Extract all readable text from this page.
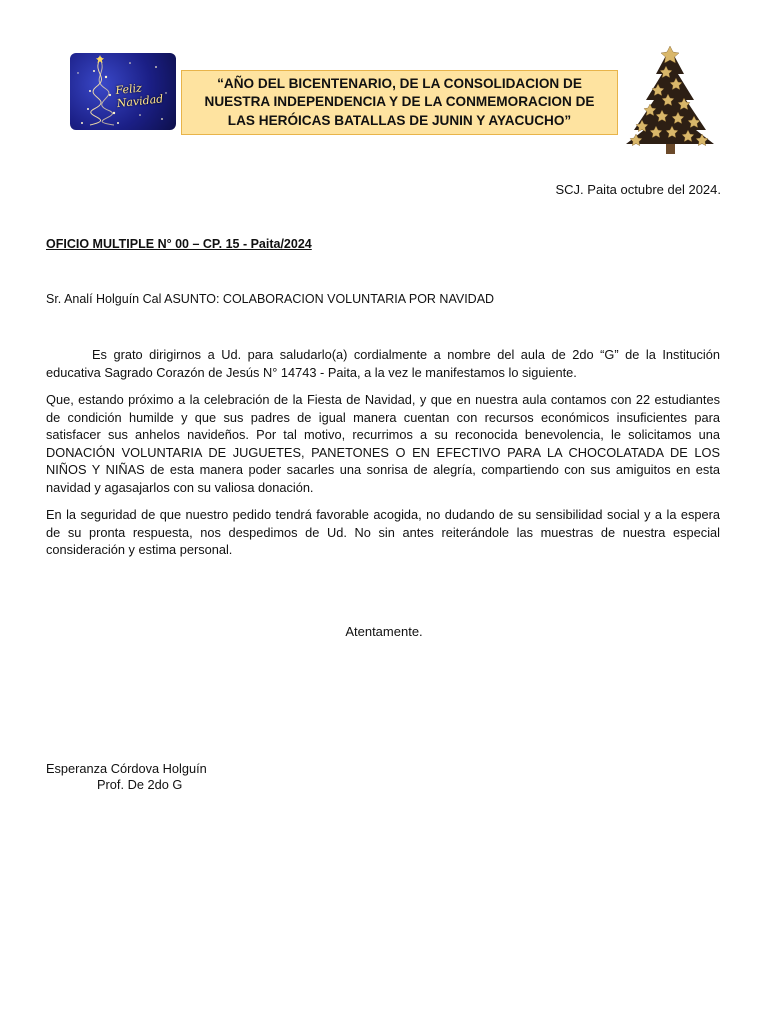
Feliz Navidad
“AÑO DEL BICENTENARIO, DE LA CONSOLIDACION DE NUESTRA INDEPENDENCIA Y DE LA CONMEMORACION DE LAS HERÓICAS BATALLAS DE JUNIN Y AYACUCHO”
SCJ. Paita octubre del 2024.
OFICIO MULTIPLE N° 00 – CP. 15 - Paita/2024
Sr. Analí Holguín Cal ASUNTO: COLABORACION VOLUNTARIA POR NAVIDAD

Es grato dirigirnos a Ud. para saludarlo(a) cordialmente a nombre del aula de 2do “G” de la Institución educativa Sagrado Corazón de Jesús N° 14743 - Paita, a la vez le manifestamos lo siguiente.

Que, estando próximo a la celebración de la Fiesta de Navidad, y que en nuestra aula contamos con 22 estudiantes de condición humilde y que sus padres de igual manera cuentan con recursos económicos insuficientes para satisfacer sus anhelos navideños. Por tal motivo, recurrimos a su reconocida benevolencia, le solicitamos una DONACIÓN VOLUNTARIA DE JUGUETES, PANETONES O EN EFECTIVO PARA LA CHOCOLATADA DE LOS NIÑOS Y NIÑAS de esta manera poder sacarles una sonrisa de alegría, compartiendo con sus amiguitos en esta navidad y agasajarlos con su valiosa donación.

En la seguridad de que nuestro pedido tendrá favorable acogida, no dudando de su sensibilidad social y a la espera de su pronta respuesta, nos despedimos de Ud. No sin antes reiterándole las muestras de nuestra especial consideración y estima personal.

Atentamente.
Esperanza Córdova Holguín
Prof. De 2do G
